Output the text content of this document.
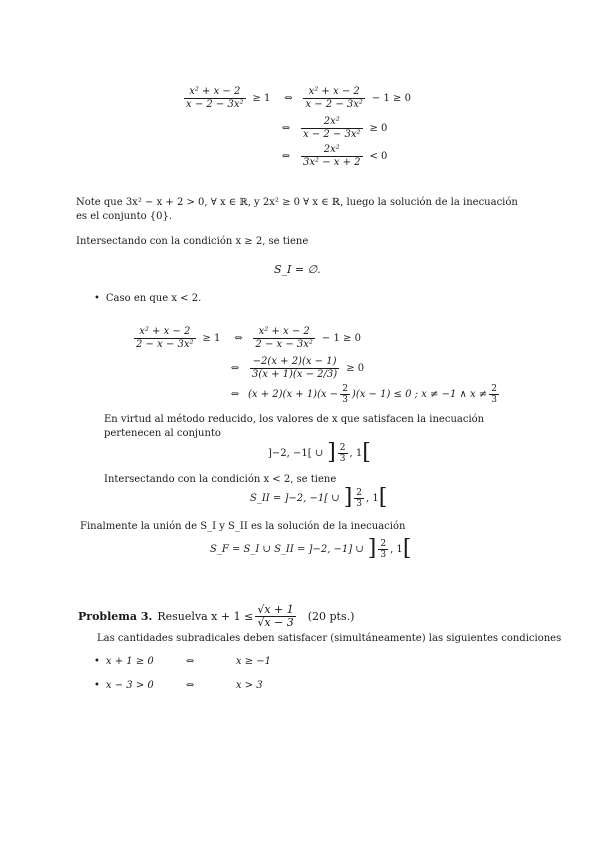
$\frac{\text{x² + x − 2}}{\text{x − 2 − 3x²}} \ge 1$	⇔	$\frac{\text{x² + x − 2}}{\text{x − 2 − 3x²}} - 1 \ge 0$
⇔	$\frac{\text{2x²}}{\text{x − 2 − 3x²}} \ge 0$
⇔	$\frac{\text{2x²}}{\text{3x² − x + 2}} < 0$
Note que 3x² − x + 2 > 0, ∀ x ∈ ℝ, y 2x² ≥ 0 ∀ x ∈ ℝ, luego la solución de la inecuación es el conjunto {0}.
Intersectando con la condición x ≥ 2, se tiene
S_I = ∅.
• Caso en que x < 2.
$\frac{\text{x² + x − 2}}{\text{2 − x − 3x²}} \ge 1$	⇔	$\frac{\text{x² + x − 2}}{\text{2 − x − 3x²}} - 1 \ge 0$
⇔	$\frac{-2(x + 2)(x - 1)}{3(x + 1)(x - 2/3)} \ge 0$
⇔ $(x + 2)(x + 1)(x - \frac{2}{3} )(x - 1) \le 0$ ; x ≠ −1 ∧ $x \ne \frac{2}{3}$
En virtud al método reducido, los valores de x que satisfacen la inecuación pertenecen al conjunto
]−2, −1[ ∪ ] $\frac{2}{3}$ , 1 [
Intersectando con la condición x < 2, se tiene
S_II = ]−2, −1[ ∪ ] $\frac{2}{3}$ , 1 [
Finalmente la unión de S_I y S_II es la solución de la inecuación
S_F = S_I ∪ S_II = ]−2, −1] ∪ ] $\frac{2}{3}$ , 1 [
Problema 3. Resuelva $x + 1 \le \frac{√x + 1}{√x - 3} (20$ pts.)
Las cantidades subradicales deben satisfacer (simultáneamente) las siguientes condiciones
• x + 1 ≥ 0	⇔	x ≥ −1
• x − 3 > 0	⇔	x > 3
